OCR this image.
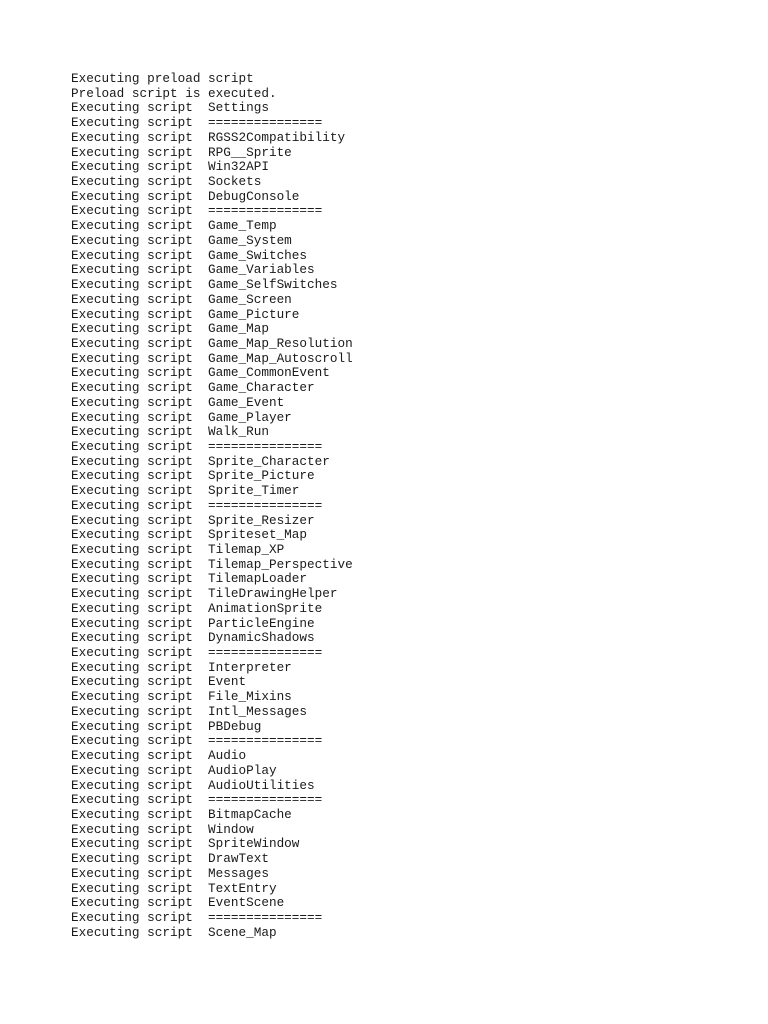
Executing preload script
Preload script is executed.
Executing script  Settings
Executing script  ===============
Executing script  RGSS2Compatibility
Executing script  RPG__Sprite
Executing script  Win32API
Executing script  Sockets
Executing script  DebugConsole
Executing script  ===============
Executing script  Game_Temp
Executing script  Game_System
Executing script  Game_Switches
Executing script  Game_Variables
Executing script  Game_SelfSwitches
Executing script  Game_Screen
Executing script  Game_Picture
Executing script  Game_Map
Executing script  Game_Map_Resolution
Executing script  Game_Map_Autoscroll
Executing script  Game_CommonEvent
Executing script  Game_Character
Executing script  Game_Event
Executing script  Game_Player
Executing script  Walk_Run
Executing script  ===============
Executing script  Sprite_Character
Executing script  Sprite_Picture
Executing script  Sprite_Timer
Executing script  ===============
Executing script  Sprite_Resizer
Executing script  Spriteset_Map
Executing script  Tilemap_XP
Executing script  Tilemap_Perspective
Executing script  TilemapLoader
Executing script  TileDrawingHelper
Executing script  AnimationSprite
Executing script  ParticleEngine
Executing script  DynamicShadows
Executing script  ===============
Executing script  Interpreter
Executing script  Event
Executing script  File_Mixins
Executing script  Intl_Messages
Executing script  PBDebug
Executing script  ===============
Executing script  Audio
Executing script  AudioPlay
Executing script  AudioUtilities
Executing script  ===============
Executing script  BitmapCache
Executing script  Window
Executing script  SpriteWindow
Executing script  DrawText
Executing script  Messages
Executing script  TextEntry
Executing script  EventScene
Executing script  ===============
Executing script  Scene_Map
